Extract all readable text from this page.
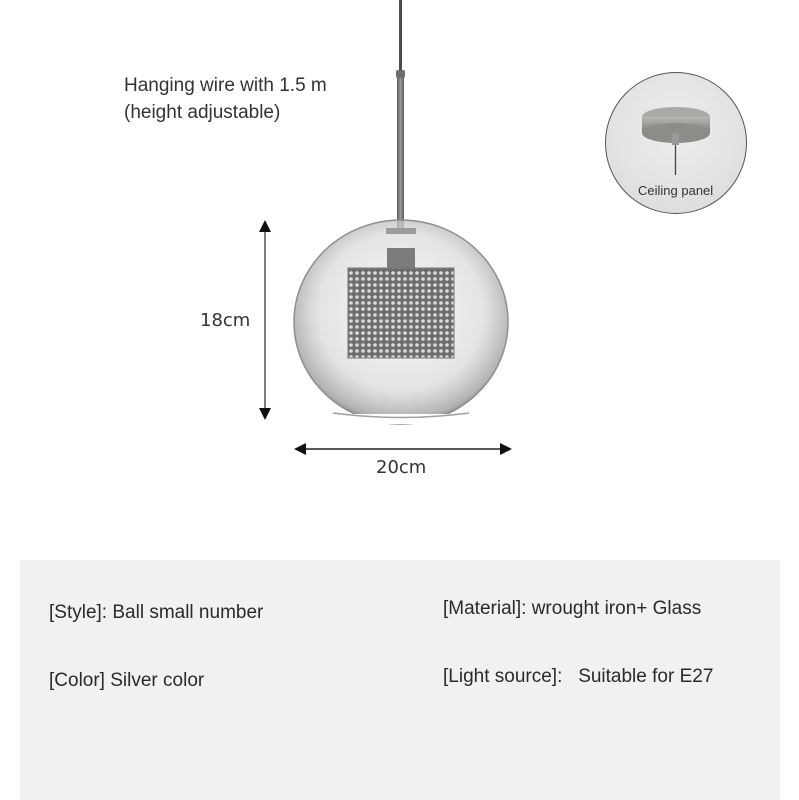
Hanging wire with 1.5 m
(height adjustable)
18cm
20cm
Ceiling panel
[Style]: Ball small number	[Material]: wrought iron+ Glass
[Color] Silver color	[Light source]: Suitable for E27
